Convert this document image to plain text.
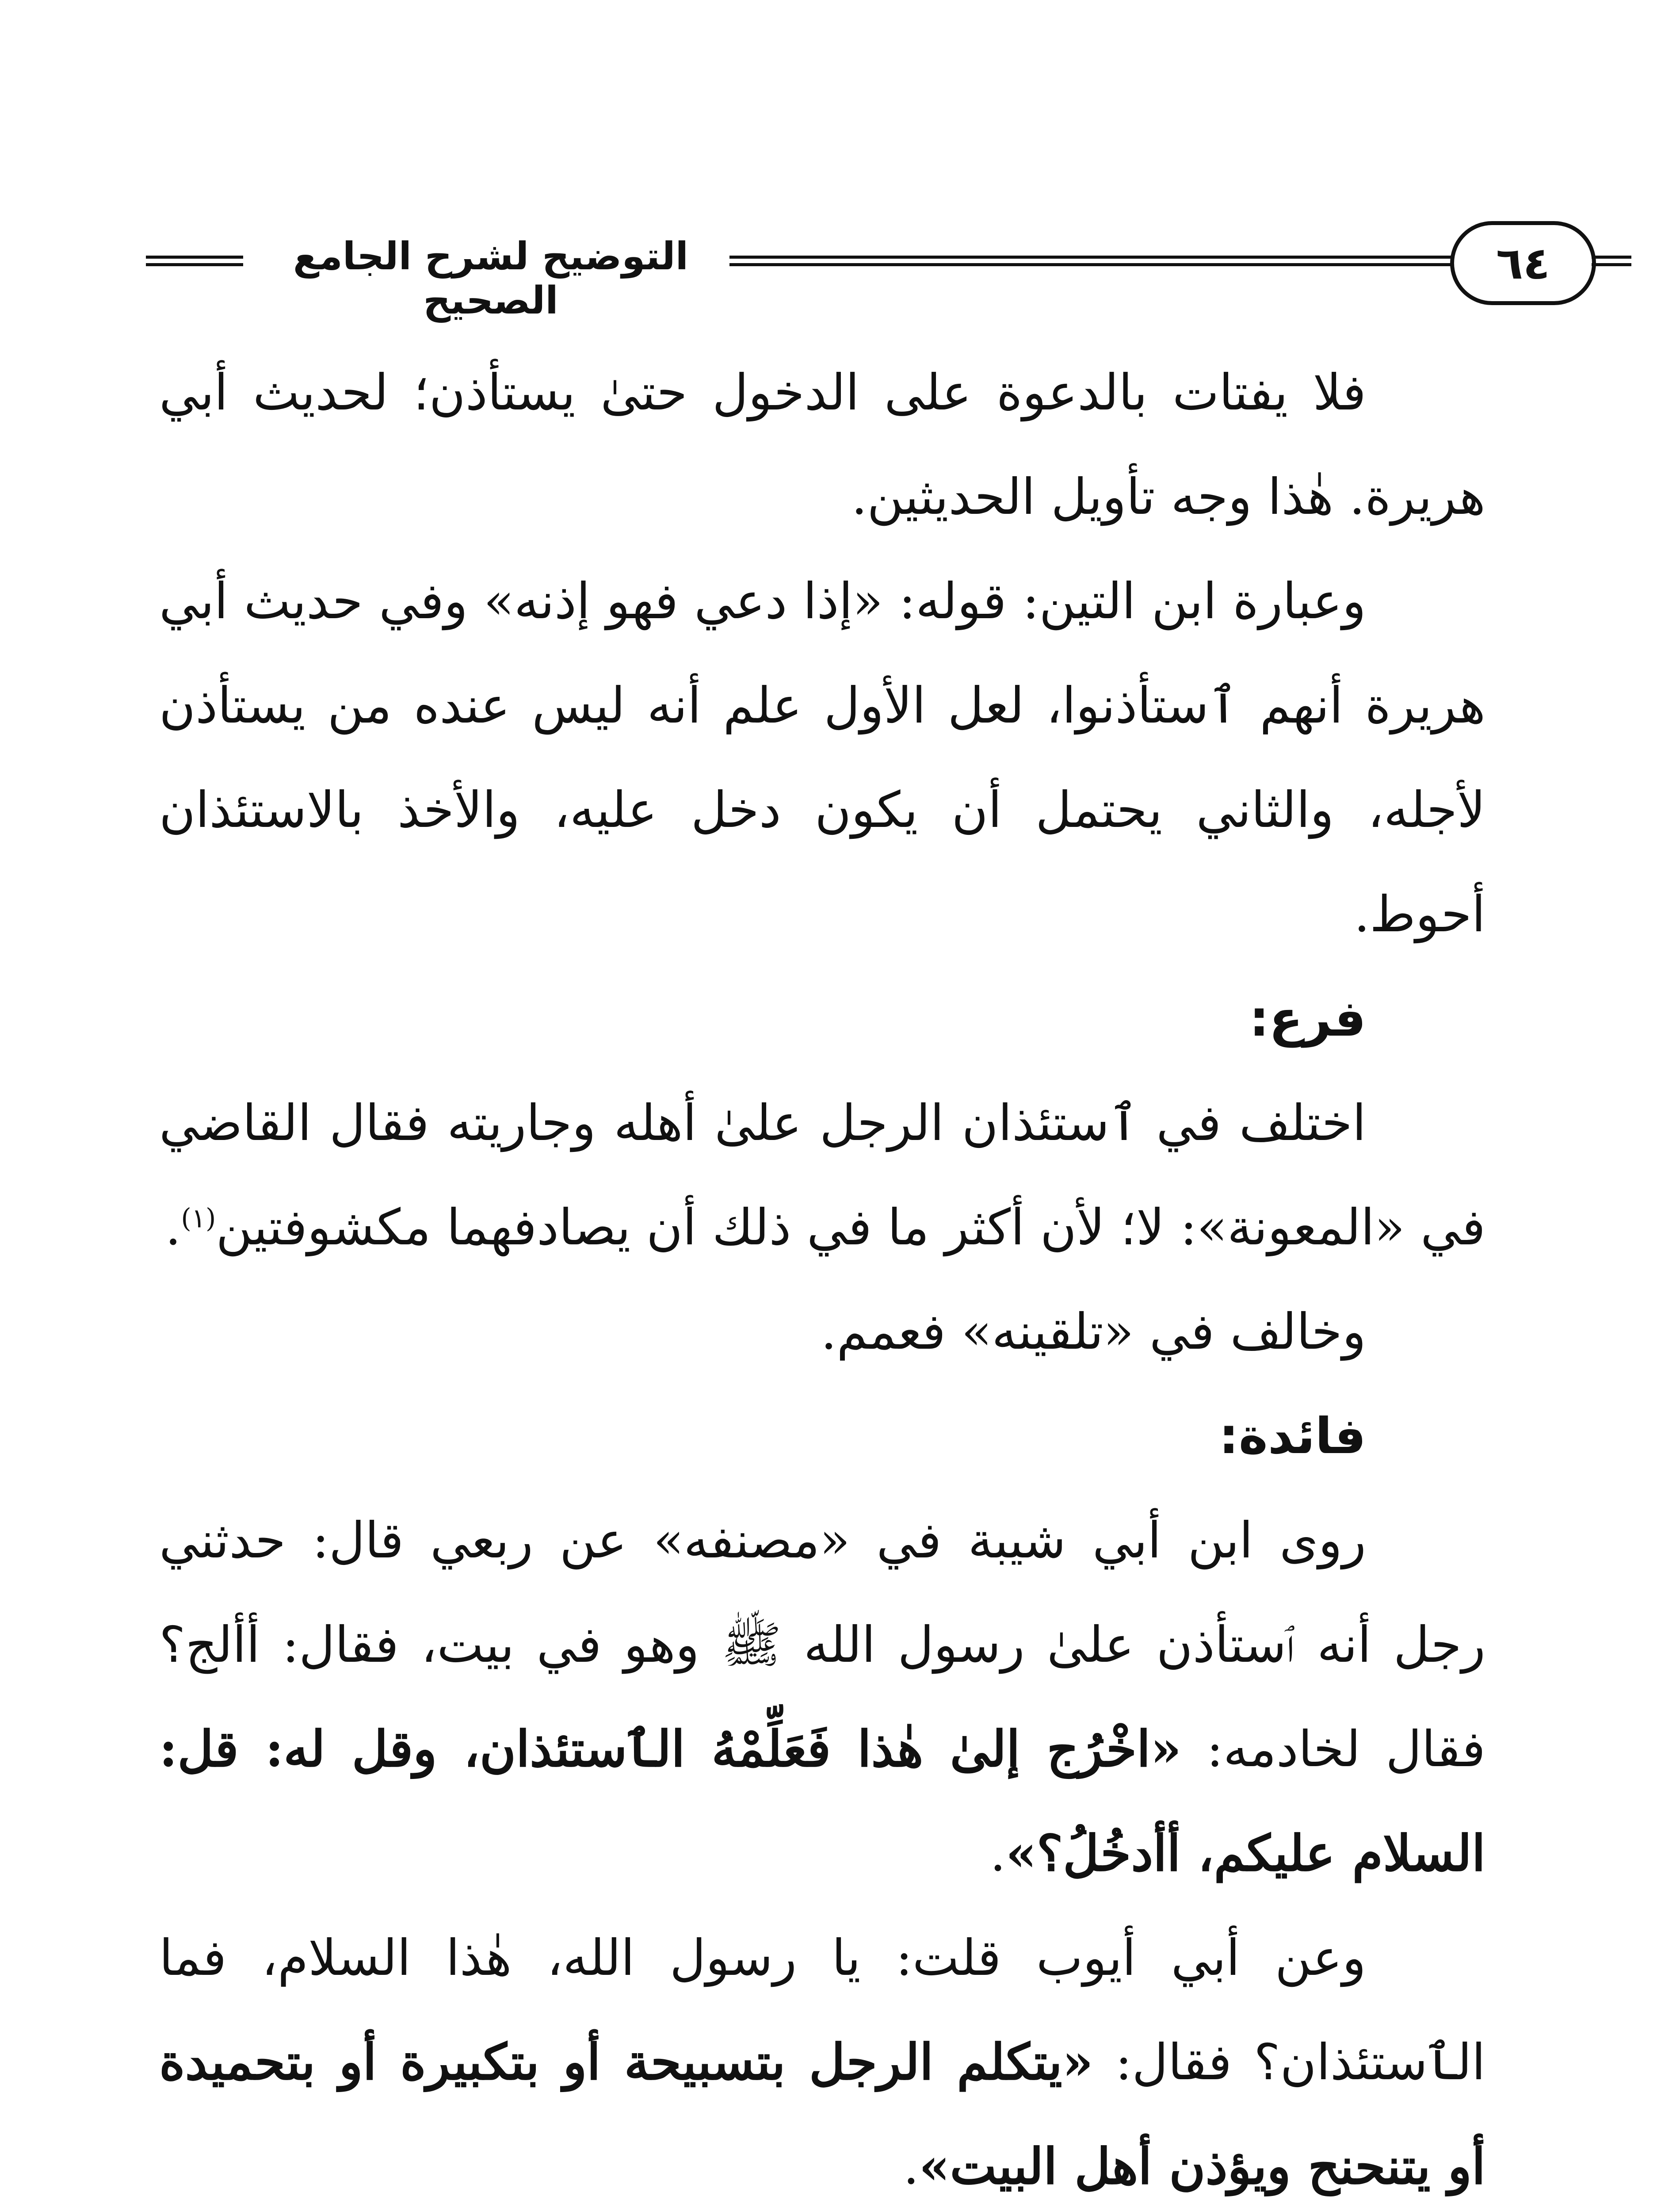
التوضيح لشرح الجامع الصحيح
٦٤

فلا يفتات بالدعوة على الدخول حتىٰ يستأذن؛ لحديث أبي هريرة. هٰذا وجه تأويل الحديثين.

وعبارة ابن التين: قوله: «إذا دعي فهو إذنه» وفي حديث أبي هريرة أنهم ٱستأذنوا، لعل الأول علم أنه ليس عنده من يستأذن لأجله، والثاني يحتمل أن يكون دخل عليه، والأخذ بالاستئذان أحوط.

فرع:

اختلف في ٱستئذان الرجل علىٰ أهله وجاريته فقال القاضي في «المعونة»: لا؛ لأن أكثر ما في ذلك أن يصادفهما مكشوفتين$^{(١)}$.

وخالف في «تلقينه» فعمم.

فائدة:

روى ابن أبي شيبة في «مصنفه» عن ربعي قال: حدثني رجل أنه ٱستأذن علىٰ رسول الله ﷺ وهو في بيت، فقال: أألج؟ فقال لخادمه: «اخْرُج إلىٰ هٰذا فَعَلِّمْهُ الٱستئذان، وقل له: قل: السلام عليكم، أأدخُلُ؟».

وعن أبي أيوب قلت: يا رسول الله، هٰذا السلام، فما الٱستئذان؟ فقال: «يتكلم الرجل بتسبيحة أو بتكبيرة أو بتحميدة أو يتنحنح ويؤذن أهل البيت».
